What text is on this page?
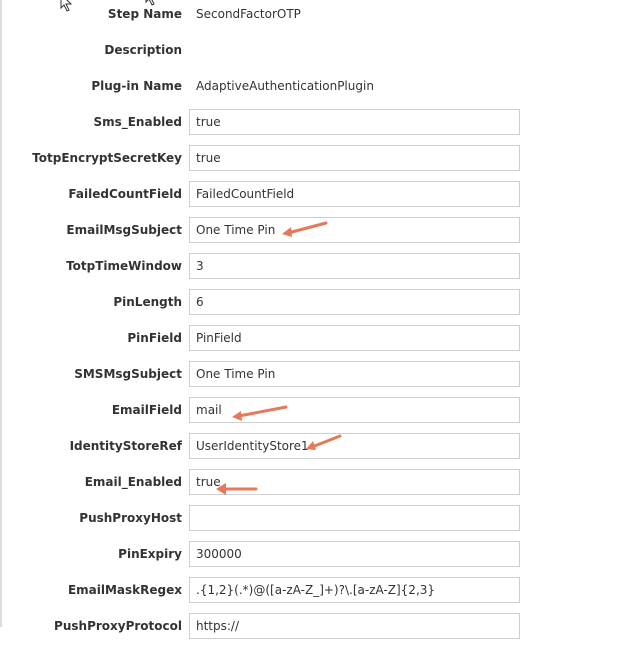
Step Name SecondFactorOTP
Description
Plug-in Name AdaptiveAuthenticationPlugin
Sms_Enabled
true
TotpEncryptSecretKey
true
FailedCountField
FailedCountField
EmailMsgSubject
One Time Pin
TotpTimeWindow
3
PinLength
6
PinField
PinField
SMSMsgSubject
One Time Pin
EmailField
mail
IdentityStoreRef
UserIdentityStore1
Email_Enabled
true
PushProxyHost
PinExpiry
300000
EmailMaskRegex
.{1,2}(.*)@([a-zA-Z_]+)?\.[a-zA-Z]{2,3}
PushProxyProtocol
https://
